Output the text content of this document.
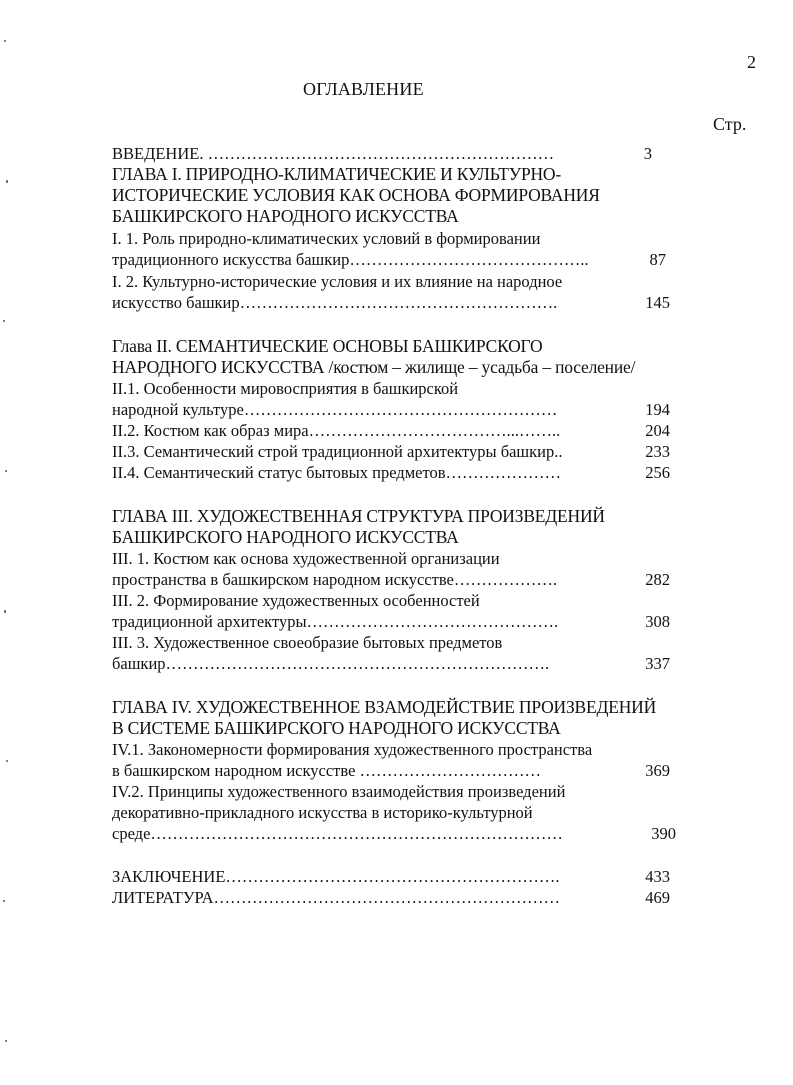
2
ОГЛАВЛЕНИЕ
Стр.
ВВЕДЕНИЕ. ………………………………………………………	3
ГЛАВА I. ПРИРОДНО-КЛИМАТИЧЕСКИЕ И КУЛЬТУРНО-
ИСТОРИЧЕСКИЕ УСЛОВИЯ КАК ОСНОВА ФОРМИРОВАНИЯ
БАШКИРСКОГО НАРОДНОГО ИСКУССТВА
I. 1. Роль природно-климатических условий в формировании
традиционного искусства башкир……………………………………..	87
I. 2. Культурно-исторические условия и их влияние на народное
искусство башкир………………………………………………….	145
Глава II. СЕМАНТИЧЕСКИЕ ОСНОВЫ БАШКИРСКОГО
НАРОДНОГО ИСКУССТВА /костюм – жилище – усадьба – поселение/
II.1. Особенности мировосприятия в башкирской
народной культуре…………………………………………………	194
II.2. Костюм как образ мира………………………………...……..	204
II.3. Семантический строй традиционной архитектуры башкир..	233
II.4. Семантический статус бытовых предметов…………………	256
ГЛАВА III. ХУДОЖЕСТВЕННАЯ СТРУКТУРА ПРОИЗВЕДЕНИЙ
БАШКИРСКОГО НАРОДНОГО ИСКУССТВА
III. 1. Костюм как основа художественной организации
пространства в башкирском народном искусстве……………….	282
III. 2. Формирование художественных особенностей
традиционной архитектуры……………………………………….	308
III. 3. Художественное своеобразие бытовых предметов
башкир…………………………………………………………….	337
ГЛАВА IV. ХУДОЖЕСТВЕННОЕ ВЗАМОДЕЙСТВИЕ ПРОИЗВЕДЕНИЙ
В СИСТЕМЕ БАШКИРСКОГО НАРОДНОГО ИСКУССТВА
IV.1. Закономерности формирования художественного пространства
в башкирском народном искусстве ……………………………	369
IV.2. Принципы художественного взаимодействия произведений
декоративно-прикладного искусства в историко-культурной
среде…………………………………………………………………	390
ЗАКЛЮЧЕНИЕ…………………………………………………….	433
ЛИТЕРАТУРА………………………………………………………	469
